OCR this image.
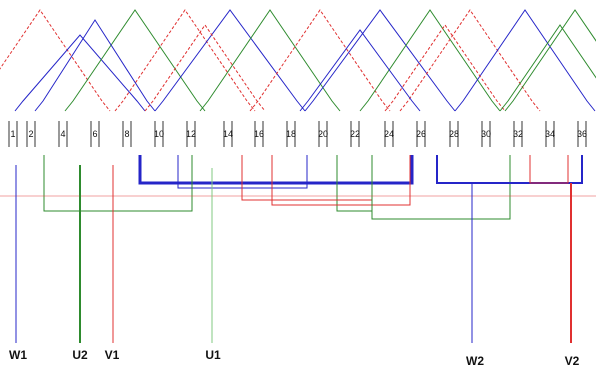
1 2	4	6	8	10 12	14 16 18 20 22	24 26	28 30 32 34 36
W1	U2 V1	U1	W2	V2
